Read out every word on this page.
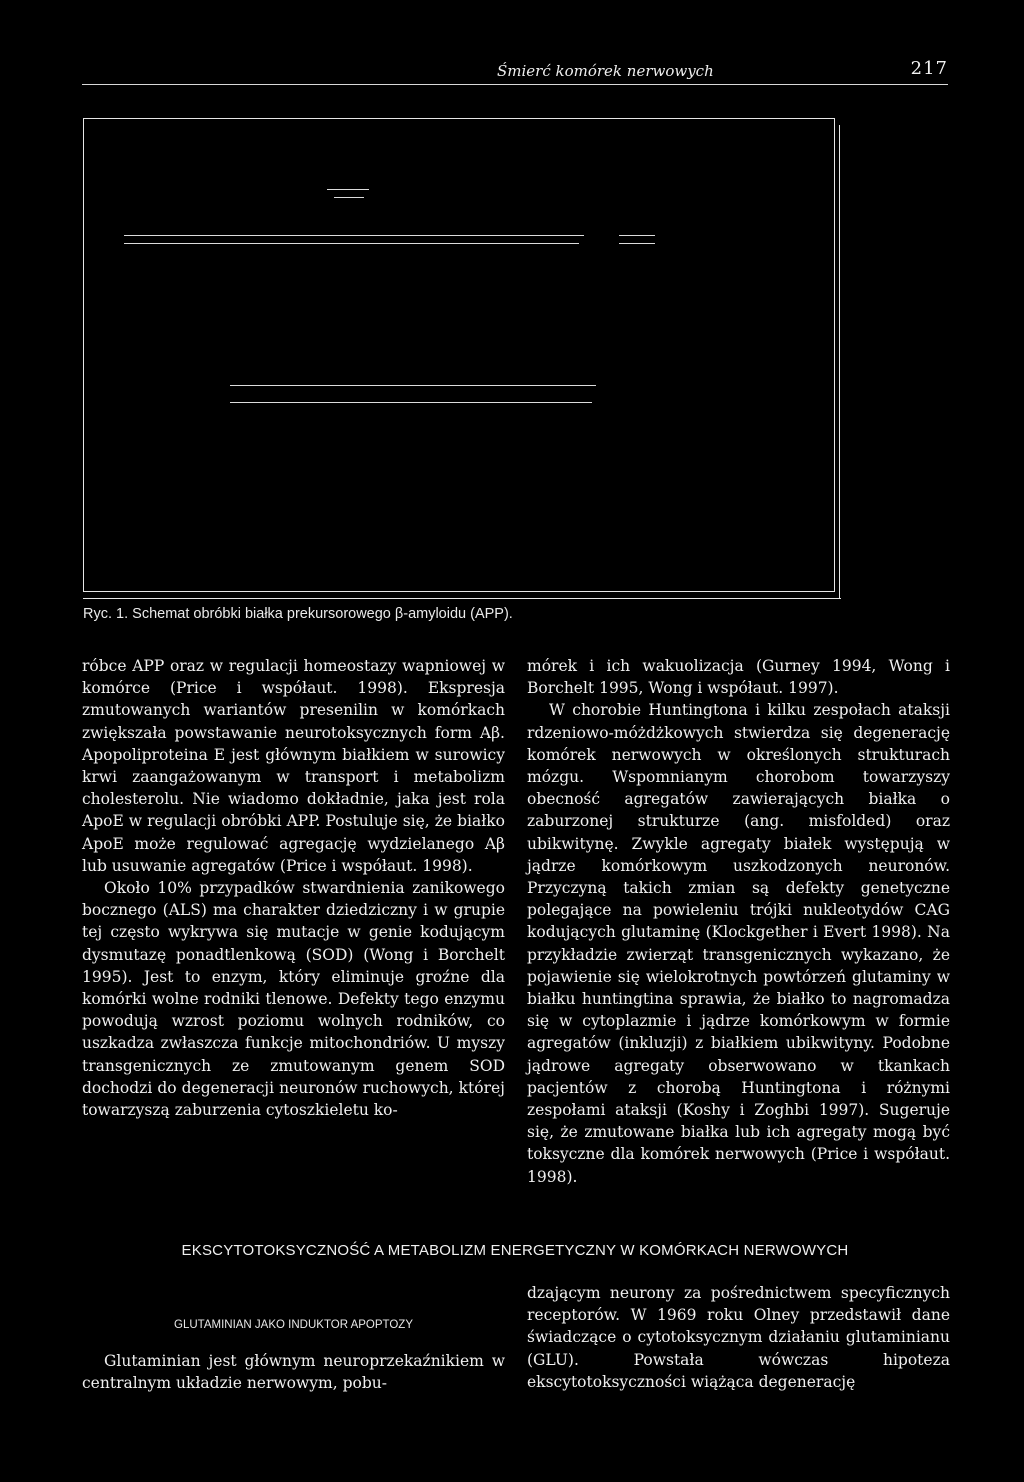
Śmierć komórek nerwowych	217
Ryc. 1. Schemat obróbki białka prekursorowego β-amyloidu (APP).

róbce APP oraz w regulacji homeostazy wapniowej w komórce (Price i współaut. 1998). Ekspresja zmutowanych wariantów presenilin w komórkach zwiększała powstawanie neurotoksycznych form Aβ. Apopoliproteina E jest głównym białkiem w surowicy krwi zaangażowanym w transport i metabolizm cholesterolu. Nie wiadomo dokładnie, jaka jest rola ApoE w regulacji obróbki APP. Postuluje się, że białko ApoE może regulować agregację wydzielanego Aβ lub usuwanie agregatów (Price i współaut. 1998).

Około 10% przypadków stwardnienia zanikowego bocznego (ALS) ma charakter dziedziczny i w grupie tej często wykrywa się mutacje w genie kodującym dysmutazę ponadtlenkową (SOD) (Wong i Borchelt 1995). Jest to enzym, który eliminuje groźne dla komórki wolne rodniki tlenowe. Defekty tego enzymu powodują wzrost poziomu wolnych rodników, co uszkadza zwłaszcza funkcje mitochondriów. U myszy transgenicznych ze zmutowanym genem SOD dochodzi do degeneracji neuronów ruchowych, której towarzyszą zaburzenia cytoszkieletu ko-

mórek i ich wakuolizacja (Gurney 1994, Wong i Borchelt 1995, Wong i współaut. 1997).

W chorobie Huntingtona i kilku zespołach ataksji rdzeniowo-móżdżkowych stwierdza się degenerację komórek nerwowych w określonych strukturach mózgu. Wspomnianym chorobom towarzyszy obecność agregatów zawierających białka o zaburzonej strukturze (ang. misfolded) oraz ubikwitynę. Zwykle agregaty białek występują w jądrze komórkowym uszkodzonych neuronów. Przyczyną takich zmian są defekty genetyczne polegające na powieleniu trójki nukleotydów CAG kodujących glutaminę (Klockgether i Evert 1998). Na przykładzie zwierząt transgenicznych wykazano, że pojawienie się wielokrotnych powtórzeń glutaminy w białku huntingtina sprawia, że białko to nagromadza się w cytoplazmie i jądrze komórkowym w formie agregatów (inkluzji) z białkiem ubikwityny. Podobne jądrowe agregaty obserwowano w tkankach pacjentów z chorobą Huntingtona i różnymi zespołami ataksji (Koshy i Zoghbi 1997). Sugeruje się, że zmutowane białka lub ich agregaty mogą być toksyczne dla komórek nerwowych (Price i współaut. 1998).

EKSCYTOTOKSYCZNOŚĆ A METABOLIZM ENERGETYCZNY W KOMÓRKACH NERWOWYCH
GLUTAMINIAN JAKO INDUKTOR APOPTOZY

Glutaminian jest głównym neuroprzekaźnikiem w centralnym układzie nerwowym, pobu-

dzającym neurony za pośrednictwem specyficznych receptorów. W 1969 roku Olney przedstawił dane świadczące o cytotoksycznym działaniu glutaminianu (GLU). Powstała wówczas hipoteza ekscytotoksyczności wiążąca degenerację
